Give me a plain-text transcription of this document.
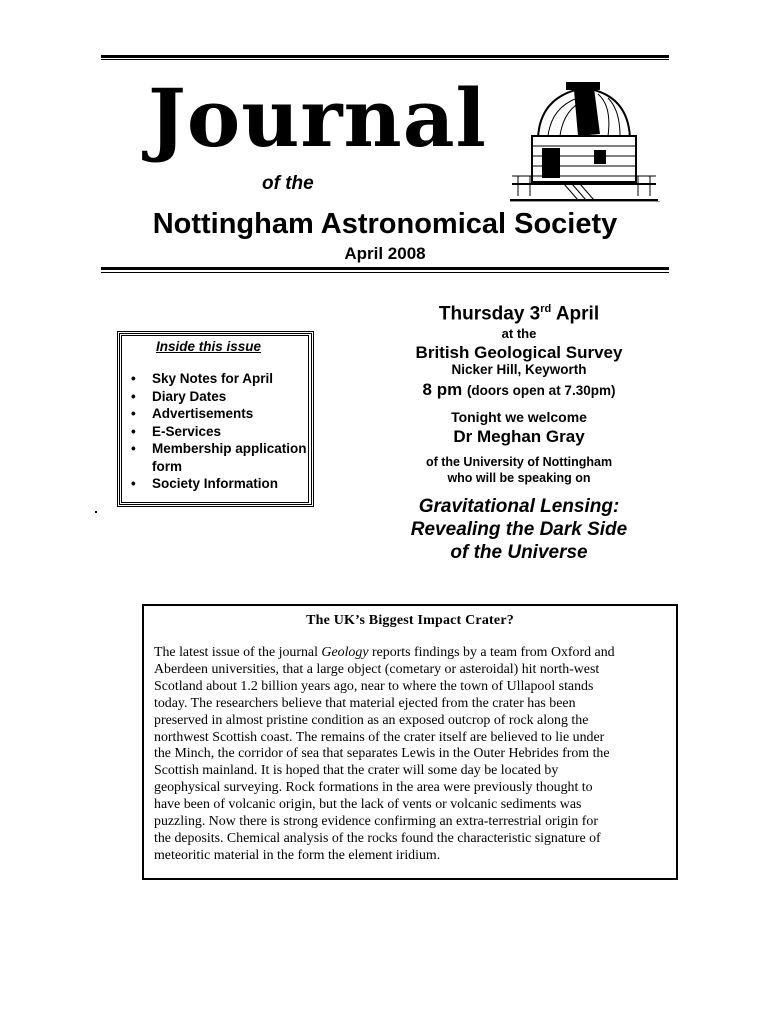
Journal
of the
Nottingham Astronomical Society
April 2008
Inside this issue
• Sky Notes for April
• Diary Dates
• Advertisements
• E-Services
• Membership application form
• Society Information
Thursday 3rd April
at the
British Geological Survey
Nicker Hill, Keyworth
8 pm (doors open at 7.30pm)
Tonight we welcome
Dr Meghan Gray
of the University of Nottingham
who will be speaking on
Gravitational Lensing:
Revealing the Dark Side
of the Universe
The UK’s Biggest Impact Crater?
The latest issue of the journal Geology reports findings by a team from Oxford and
Aberdeen universities, that a large object (cometary or asteroidal) hit north-west
Scotland about 1.2 billion years ago, near to where the town of Ullapool stands
today. The researchers believe that material ejected from the crater has been
preserved in almost pristine condition as an exposed outcrop of rock along the
northwest Scottish coast. The remains of the crater itself are believed to lie under
the Minch, the corridor of sea that separates Lewis in the Outer Hebrides from the
Scottish mainland. It is hoped that the crater will some day be located by
geophysical surveying. Rock formations in the area were previously thought to
have been of volcanic origin, but the lack of vents or volcanic sediments was
puzzling. Now there is strong evidence confirming an extra-terrestrial origin for
the deposits. Chemical analysis of the rocks found the characteristic signature of
meteoritic material in the form the element iridium.
